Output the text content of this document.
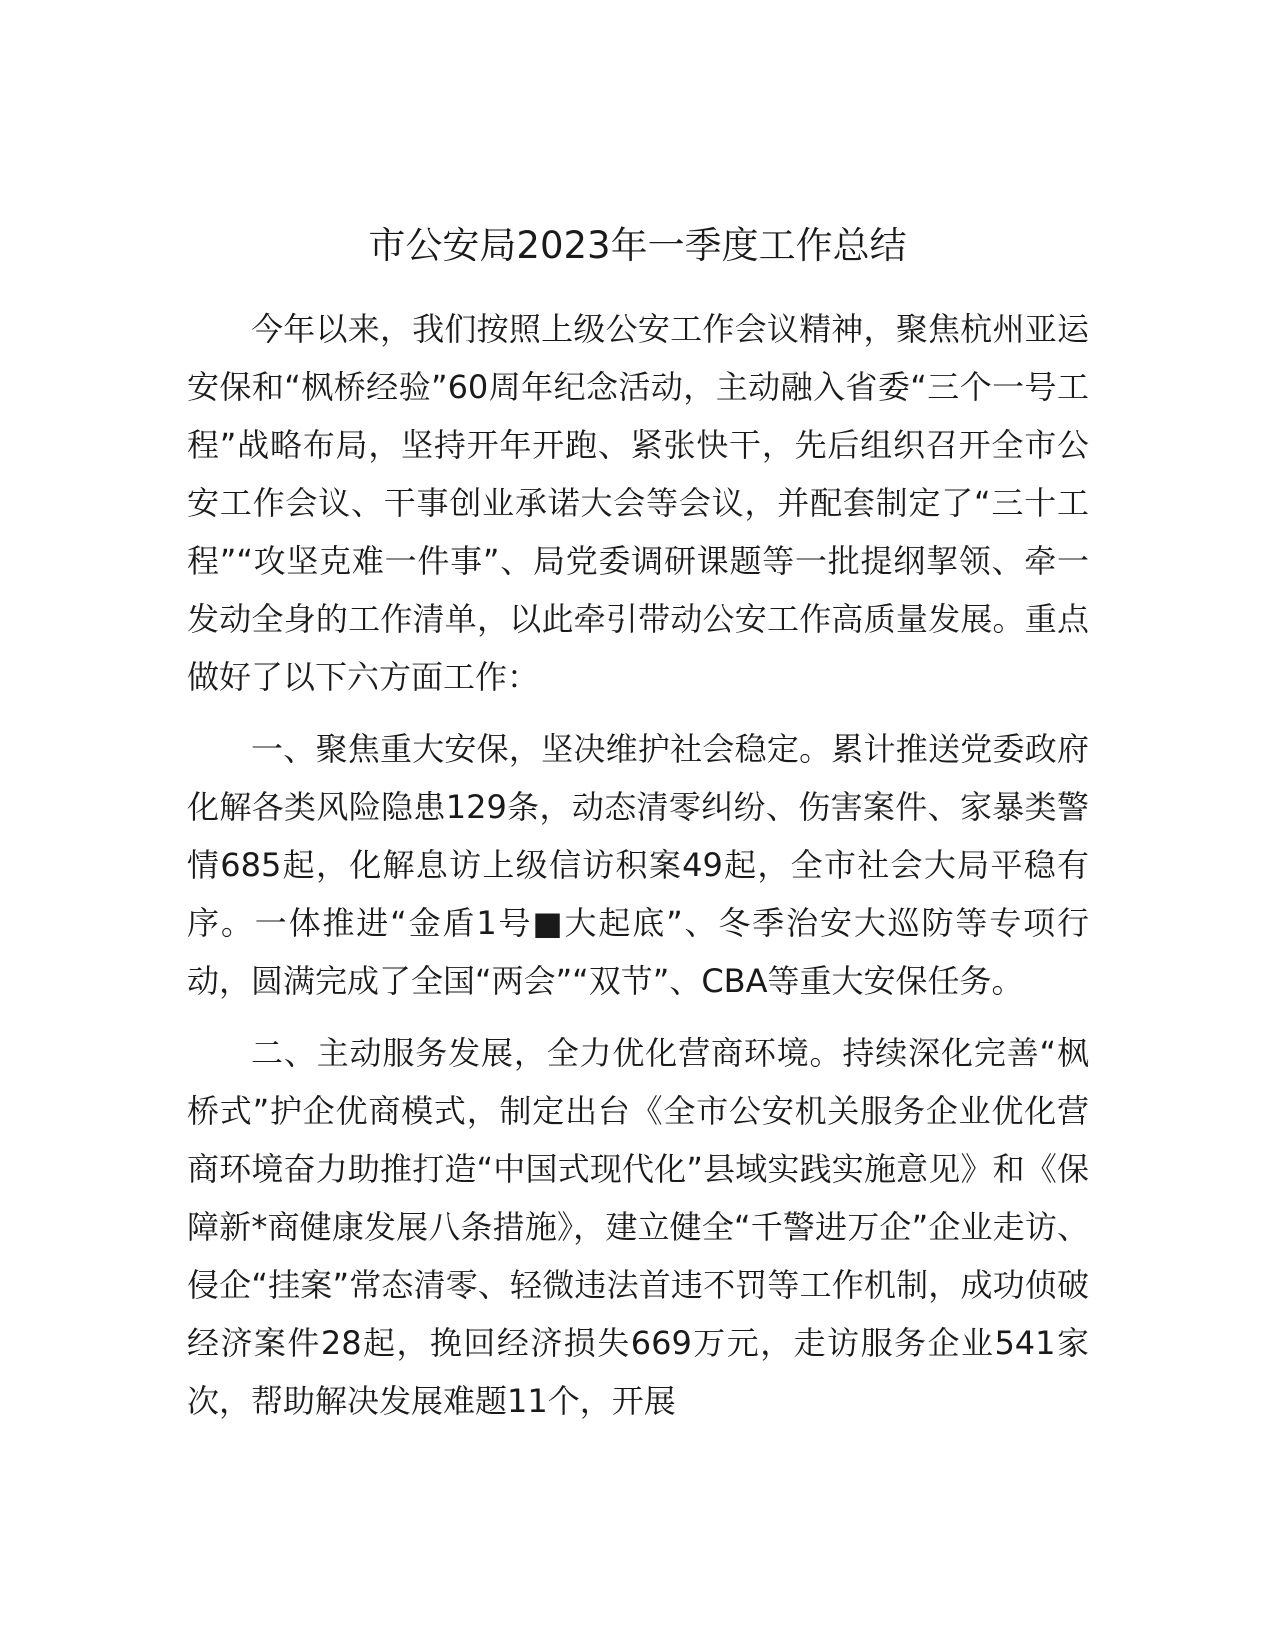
市公安局2023年一季度工作总结

今年以来，我们按照上级公安工作会议精神，聚焦杭州亚运安保和“枫桥经验”60周年纪念活动，主动融入省委“三个一号工程”战略布局，坚持开年开跑、紧张快干，先后组织召开全市公安工作会议、干事创业承诺大会等会议，并配套制定了“三十工程”“攻坚克难一件事”、局党委调研课题等一批提纲挈领、牵一发动全身的工作清单，以此牵引带动公安工作高质量发展。重点做好了以下六方面工作：

一、聚焦重大安保，坚决维护社会稳定。累计推送党委政府化解各类风险隐患129条，动态清零纠纷、伤害案件、家暴类警情685起，化解息访上级信访积案49起，全市社会大局平稳有序。一体推进“金盾1号■大起底”、冬季治安大巡防等专项行动，圆满完成了全国“两会”“双节”、CBA等重大安保任务。

二、主动服务发展，全力优化营商环境。持续深化完善“枫桥式”护企优商模式，制定出台《全市公安机关服务企业优化营商环境奋力助推打造“中国式现代化”县域实践实施意见》和《保障新*商健康发展八条措施》，建立健全“千警进万企”企业走访、侵企“挂案”常态清零、轻微违法首违不罚等工作机制，成功侦破经济案件28起，挽回经济损失669万元，走访服务企业541家次，帮助解决发展难题11个，开展
